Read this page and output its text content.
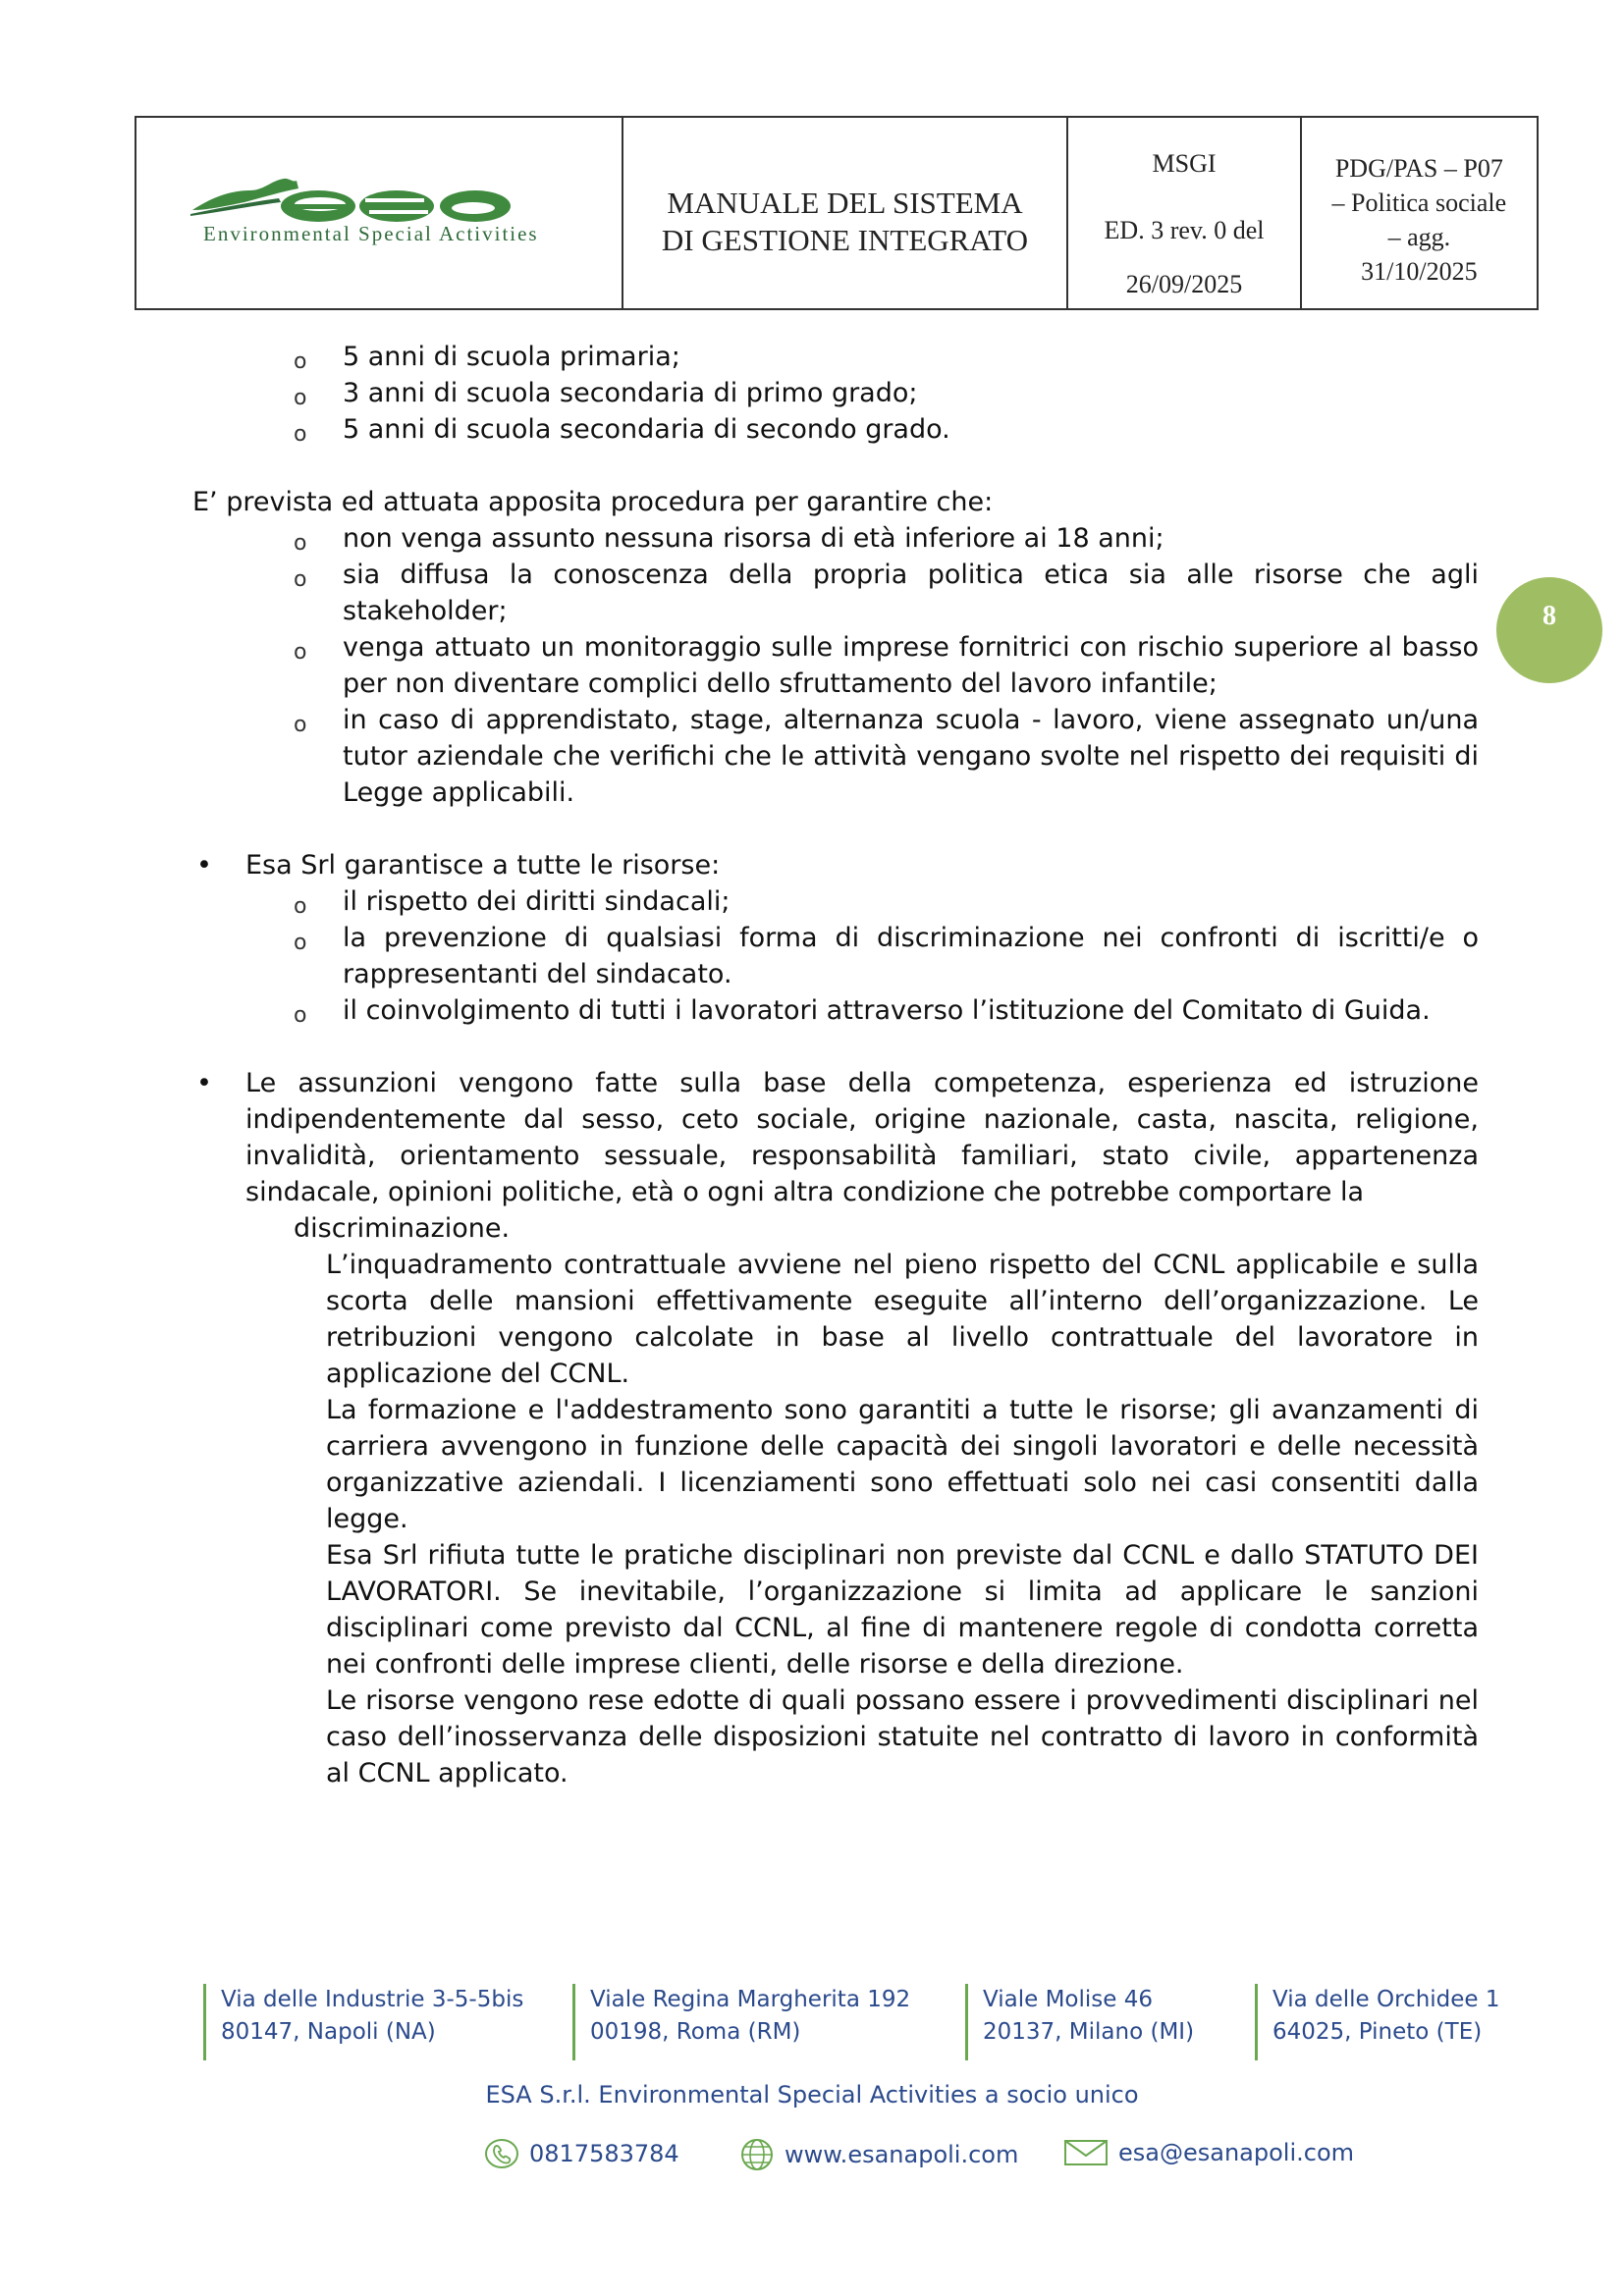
Environmental Special Activities
MANUALE DEL SISTEMA
DI GESTIONE INTEGRATO
MSGI
ED. 3 rev. 0 del
26/09/2025
PDG/PAS – P07
– Politica sociale
– agg.
31/10/2025
8
o 5 anni di scuola primaria;
o 3 anni di scuola secondaria di primo grado;
o 5 anni di scuola secondaria di secondo grado.
E’ prevista ed attuata apposita procedura per garantire che:
o non venga assunto nessuna risorsa di età inferiore ai 18 anni;
o sia diffusa la conoscenza della propria politica etica sia alle risorse che agli stakeholder;
o venga attuato un monitoraggio sulle imprese fornitrici con rischio superiore al basso per non diventare complici dello sfruttamento del lavoro infantile;
o in caso di apprendistato, stage, alternanza scuola - lavoro, viene assegnato un/una tutor aziendale che verifichi che le attività vengano svolte nel rispetto dei requisiti di Legge applicabili.
• Esa Srl garantisce a tutte le risorse:
o il rispetto dei diritti sindacali;
o la prevenzione di qualsiasi forma di discriminazione nei confronti di iscritti/e o rappresentanti del sindacato.
o il coinvolgimento di tutti i lavoratori attraverso l’istituzione del Comitato di Guida.
• Le assunzioni vengono fatte sulla base della competenza, esperienza ed istruzione indipendentemente dal sesso, ceto sociale, origine nazionale, casta, nascita, religione, invalidità, orientamento sessuale, responsabilità familiari, stato civile, appartenenza sindacale, opinioni politiche, età o ogni altra condizione che potrebbe comportare la
discriminazione.
L’inquadramento contrattuale avviene nel pieno rispetto del CCNL applicabile e sulla scorta delle mansioni effettivamente eseguite all’interno dell’organizzazione. Le retribuzioni vengono calcolate in base al livello contrattuale del lavoratore in applicazione del CCNL.
La formazione e l'addestramento sono garantiti a tutte le risorse; gli avanzamenti di carriera avvengono in funzione delle capacità dei singoli lavoratori e delle necessità organizzative aziendali. I licenziamenti sono effettuati solo nei casi consentiti dalla legge.
Esa Srl rifiuta tutte le pratiche disciplinari non previste dal CCNL e dallo STATUTO DEI LAVORATORI. Se inevitabile, l’organizzazione si limita ad applicare le sanzioni disciplinari come previsto dal CCNL, al fine di mantenere regole di condotta corretta nei confronti delle imprese clienti, delle risorse e della direzione.
Le risorse vengono rese edotte di quali possano essere i provvedimenti disciplinari nel caso dell’inosservanza delle disposizioni statuite nel contratto di lavoro in conformità al CCNL applicato.
Via delle Industrie 3-5-5bis
80147, Napoli (NA)
Viale Regina Margherita 192
00198, Roma (RM)
Viale Molise 46
20137, Milano (MI)
Via delle Orchidee 1
64025, Pineto (TE)
ESA S.r.l. Environmental Special Activities a socio unico
0817583784	www.esanapoli.com	esa@esanapoli.com
